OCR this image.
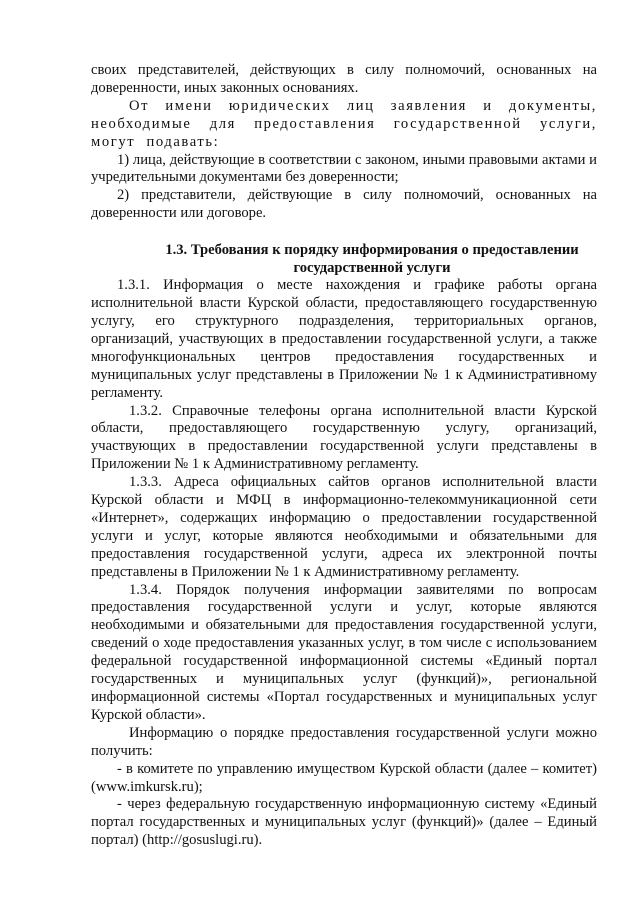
своих представителей, действующих в силу полномочий, основанных на доверенности, иных законных основаниях.

От имени юридических лиц заявления и документы, необходимые для предоставления государственной услуги, могут подавать:

1) лица, действующие в соответствии с законом, иными правовыми актами и учредительными документами без доверенности;

2) представители, действующие в силу полномочий, основанных на доверенности или договоре.

1.3. Требования к порядку информирования о предоставлении
государственной услуги

1.3.1. Информация о месте нахождения и графике работы органа исполнительной власти Курской области, предоставляющего государственную услугу, его структурного подразделения, территориальных органов, организаций, участвующих в предоставлении государственной услуги, а также многофункциональных центров предоставления государственных и муниципальных услуг представлены в Приложении № 1 к Административному регламенту.

1.3.2. Справочные телефоны органа исполнительной власти Курской области, предоставляющего государственную услугу, организаций, участвующих в предоставлении государственной услуги представлены в Приложении № 1 к Административному регламенту.

1.3.3. Адреса официальных сайтов органов исполнительной власти Курской области и МФЦ в информационно-телекоммуникационной сети «Интернет», содержащих информацию о предоставлении государственной услуги и услуг, которые являются необходимыми и обязательными для предоставления государственной услуги, адреса их электронной почты представлены в Приложении № 1 к Административному регламенту.

1.3.4. Порядок получения информации заявителями по вопросам предоставления государственной услуги и услуг, которые являются необходимыми и обязательными для предоставления государственной услуги, сведений о ходе предоставления указанных услуг, в том числе с использованием федеральной государственной информационной системы «Единый портал государственных и муниципальных услуг (функций)», региональной информационной системы «Портал государственных и муниципальных услуг Курской области».

Информацию о порядке предоставления государственной услуги можно получить:

- в комитете по управлению имуществом Курской области (далее – комитет) (www.imkursk.ru);

- через федеральную государственную информационную систему «Единый портал государственных и муниципальных услуг (функций)» (далее – Единый портал) (http://gosuslugi.ru).
